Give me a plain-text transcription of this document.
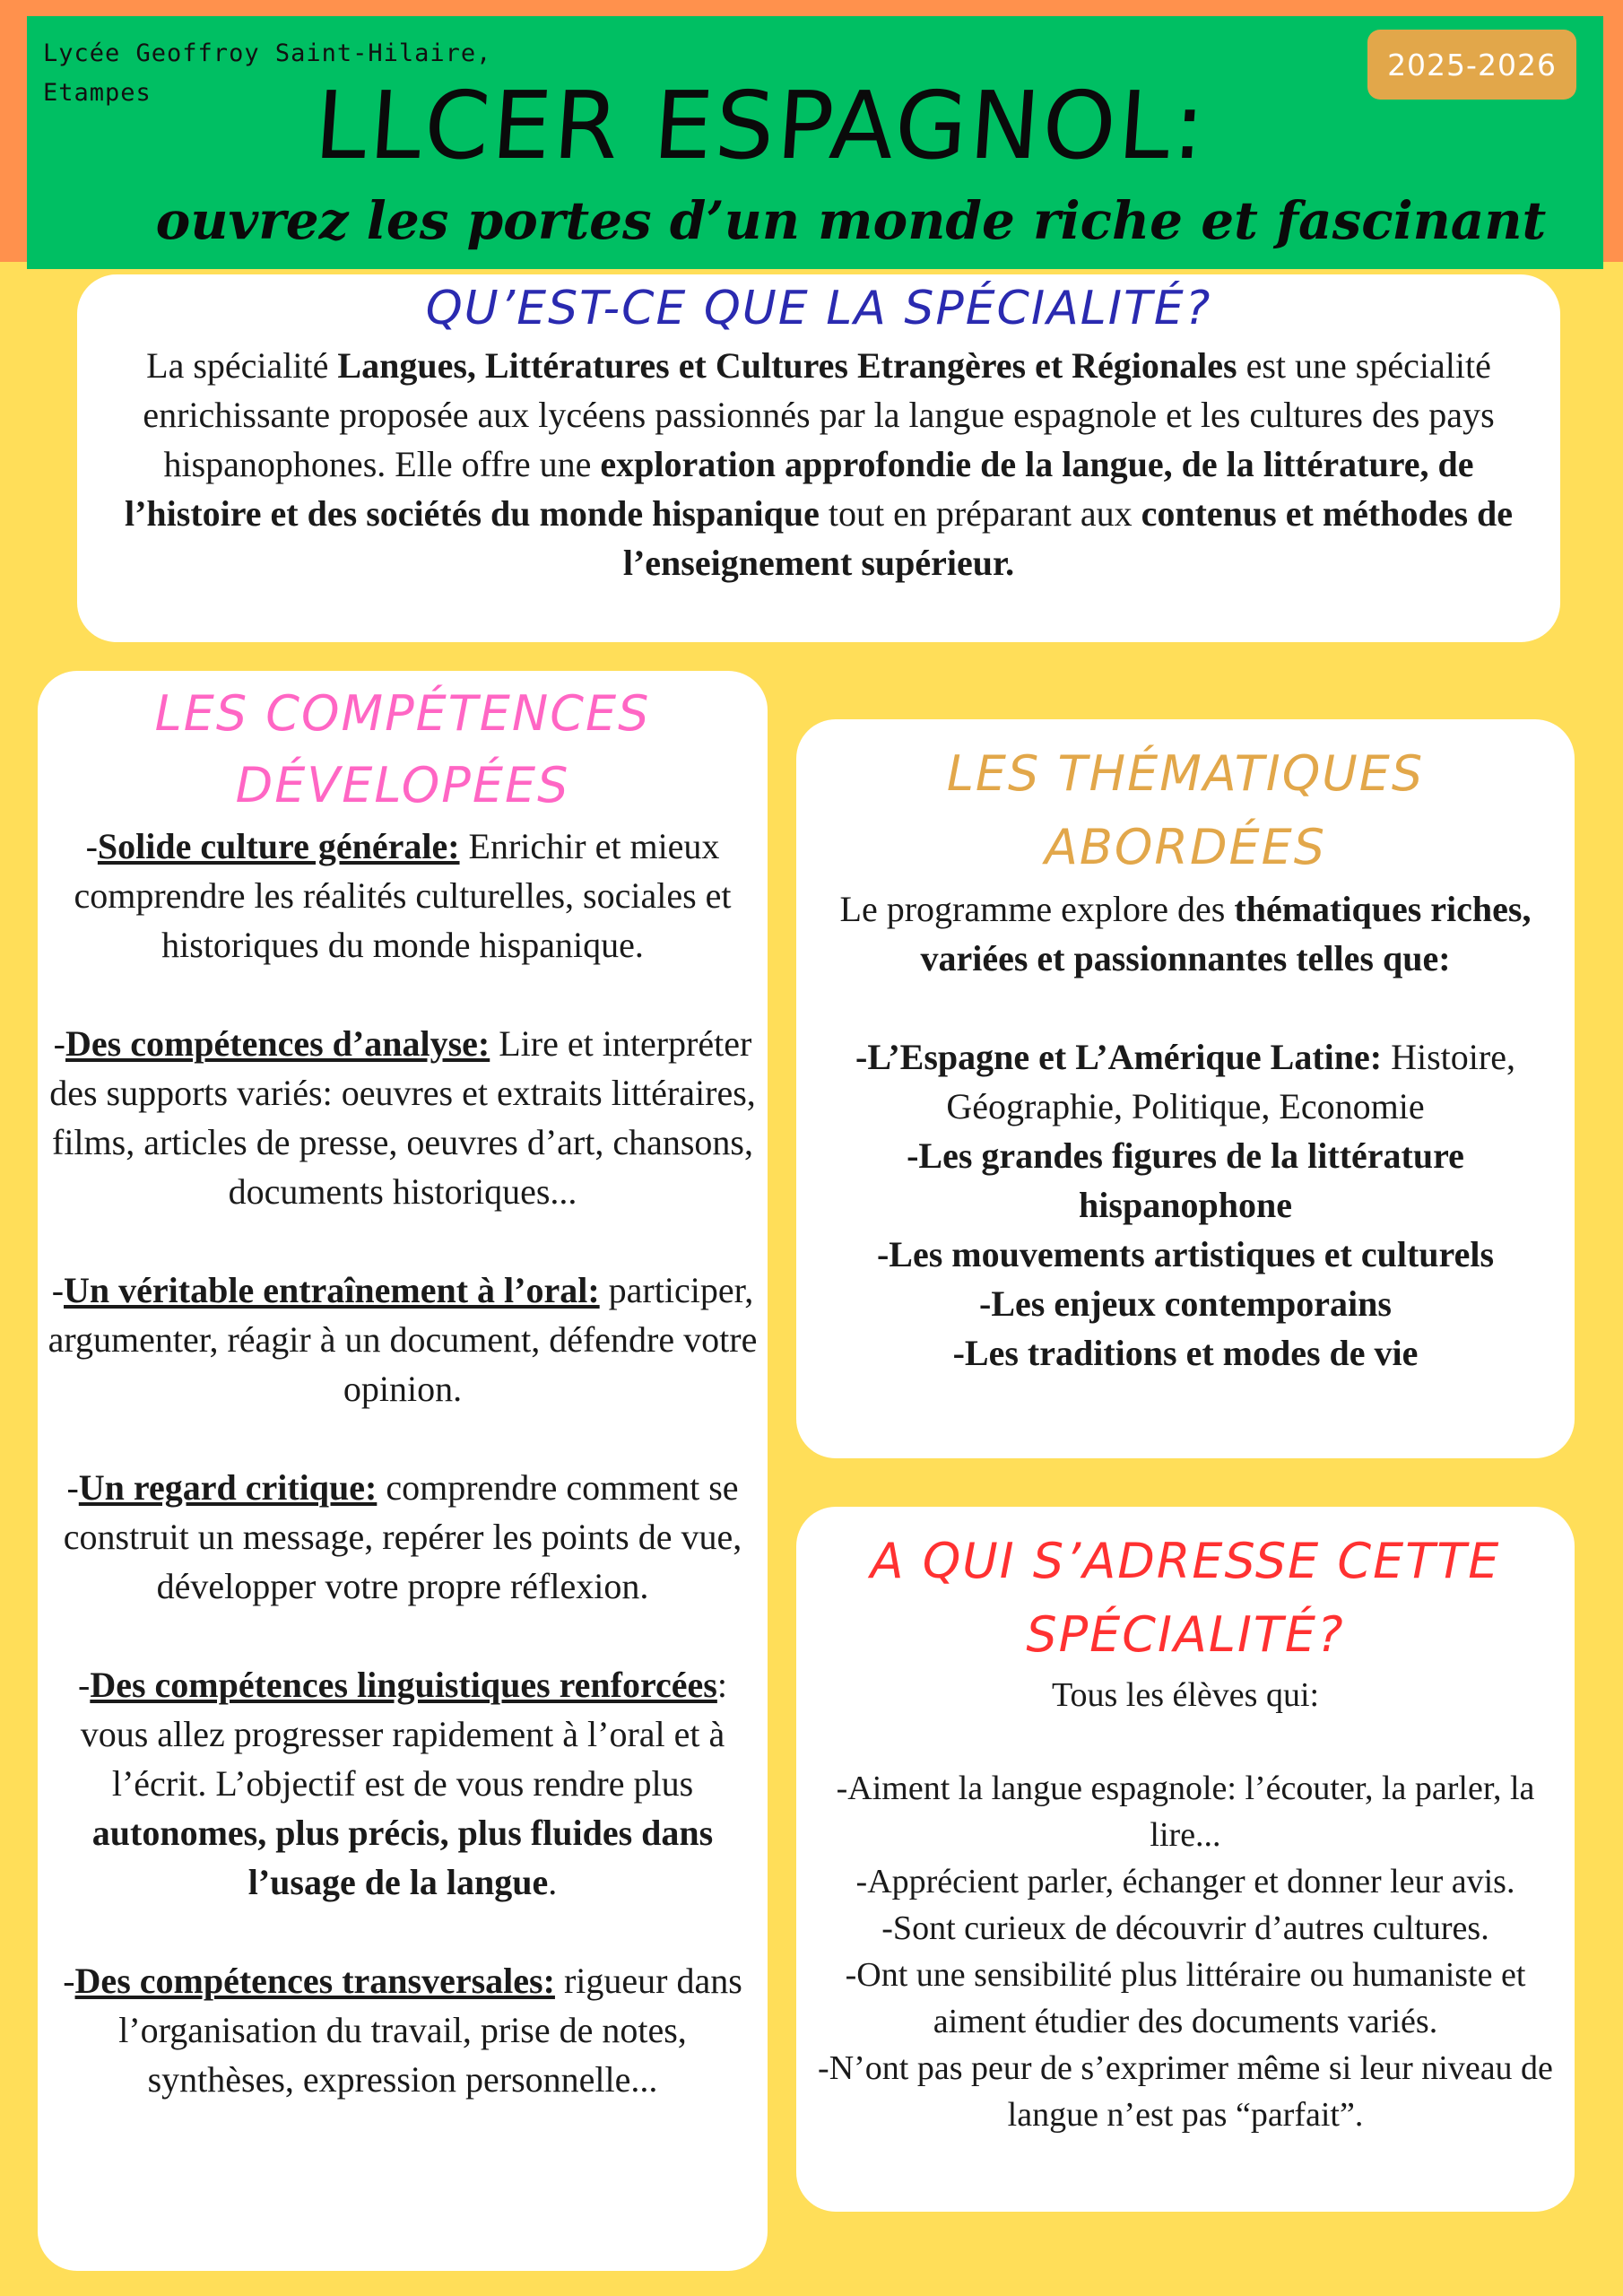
Lycée Geoffroy Saint-Hilaire, Etampes
2025-2026
LLCER ESPAGNOL:
ouvrez les portes d’un monde riche et fascinant
QU’EST-CE QUE LA SPÉCIALITÉ?

La spécialité Langues, Littératures et Cultures Etrangères et Régionales est une spécialité enrichissante proposée aux lycéens passionnés par la langue espagnole et les cultures des pays hispanophones. Elle offre une exploration approfondie de la langue, de la littérature, de l’histoire et des sociétés du monde hispanique tout en préparant aux contenus et méthodes de l’enseignement supérieur.

LES COMPÉTENCES DÉVELOPÉES

-Solide culture générale: Enrichir et mieux comprendre les réalités culturelles, sociales et historiques du monde hispanique.

-Des compétences d’analyse: Lire et interpréter des supports variés: oeuvres et extraits littéraires, films, articles de presse, oeuvres d’art, chansons, documents historiques...

-Un véritable entraînement à l’oral: participer, argumenter, réagir à un document, défendre votre opinion.

-Un regard critique: comprendre comment se construit un message, repérer les points de vue, développer votre propre réflexion.

-Des compétences linguistiques renforcées: vous allez progresser rapidement à l’oral et à l’écrit. L’objectif est de vous rendre plus autonomes, plus précis, plus fluides dans l’usage de la langue.

-Des compétences transversales: rigueur dans l’organisation du travail, prise de notes, synthèses, expression personnelle...

LES THÉMATIQUES ABORDÉES

Le programme explore des thématiques riches, variées et passionnantes telles que:

-L’Espagne et L’Amérique Latine: Histoire, Géographie, Politique, Economie

-Les grandes figures de la littérature hispanophone

-Les mouvements artistiques et culturels

-Les enjeux contemporains

-Les traditions et modes de vie

A QUI S’ADRESSE CETTE SPÉCIALITÉ?

Tous les élèves qui:

-Aiment la langue espagnole: l’écouter, la parler, la lire...

-Apprécient parler, échanger et donner leur avis.

-Sont curieux de découvrir d’autres cultures.

-Ont une sensibilité plus littéraire ou humaniste et aiment étudier des documents variés.

-N’ont pas peur de s’exprimer même si leur niveau de langue n’est pas “parfait”.
